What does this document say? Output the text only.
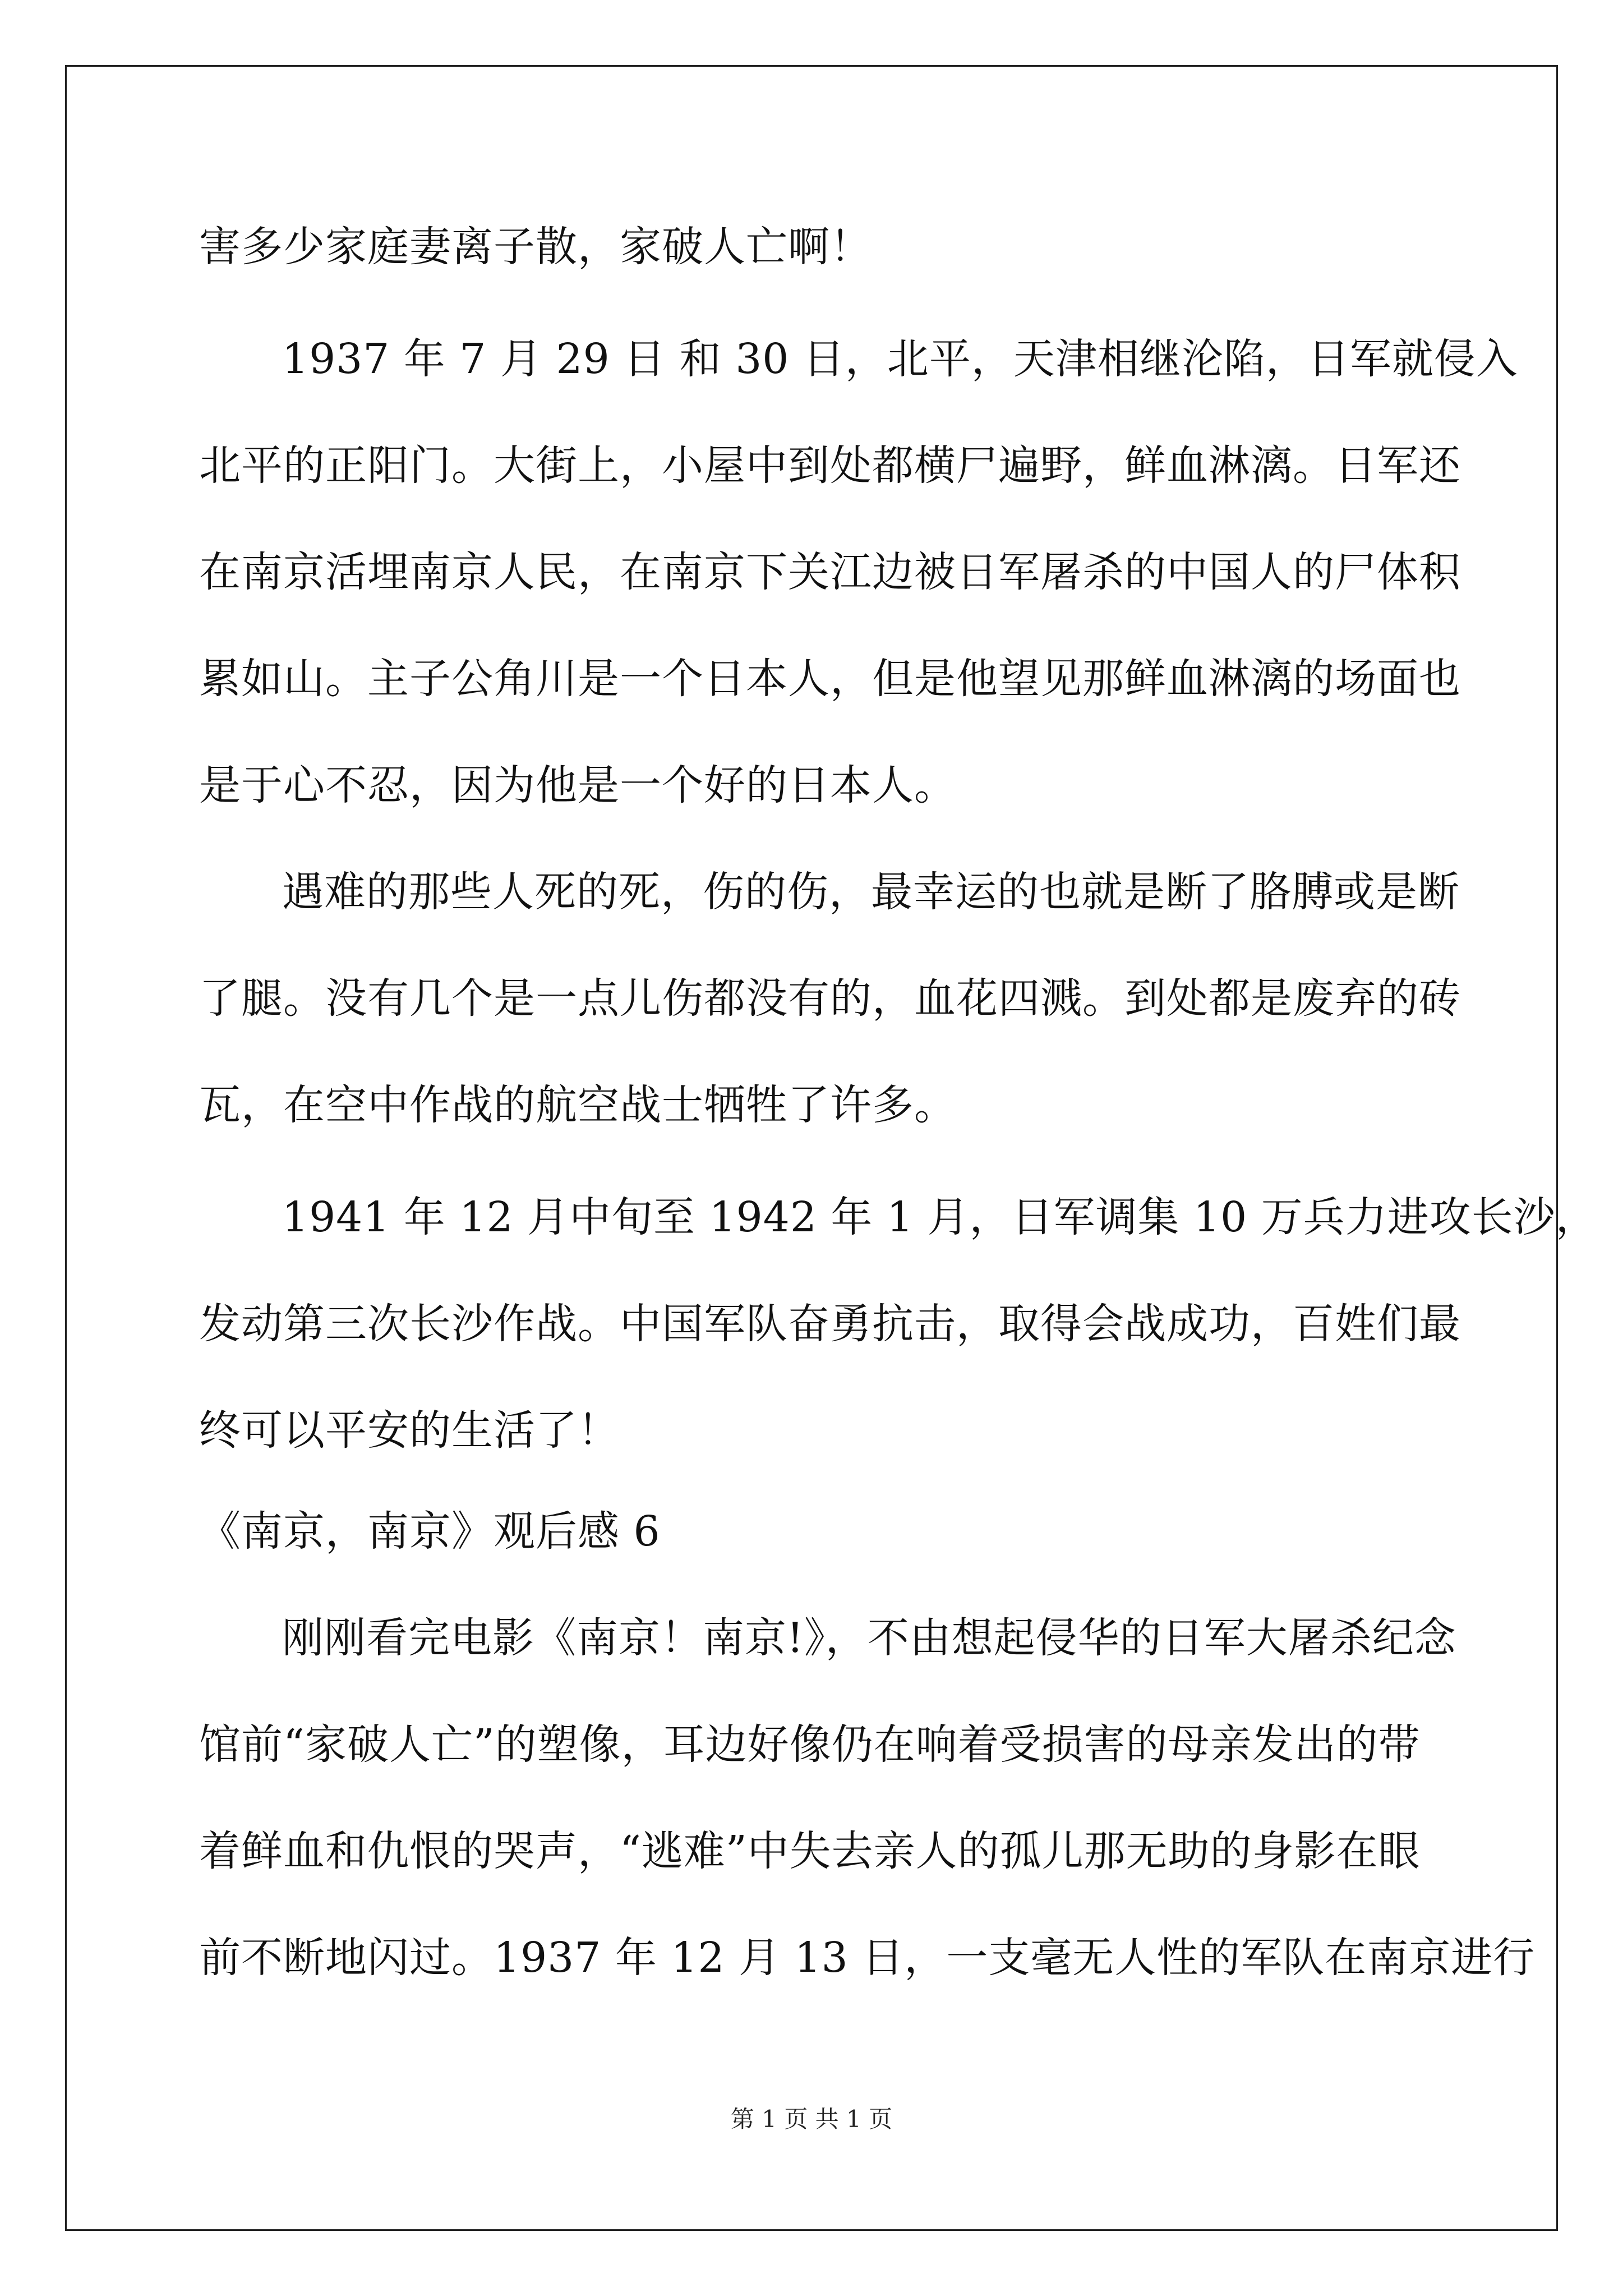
害多少家庭妻离子散，家破人亡啊！
1937 年 7 月 29 日 和 30 日，北平，天津相继沦陷，日军就侵入
北平的正阳门。大街上，小屋中到处都横尸遍野，鲜血淋漓。日军还
在南京活埋南京人民，在南京下关江边被日军屠杀的中国人的尸体积
累如山。主子公角川是一个日本人，但是他望见那鲜血淋漓的场面也
是于心不忍，因为他是一个好的日本人。
遇难的那些人死的死，伤的伤，最幸运的也就是断了胳膊或是断
了腿。没有几个是一点儿伤都没有的，血花四溅。到处都是废弃的砖
瓦，在空中作战的航空战士牺牲了许多。
1941 年 12 月中旬至 1942 年 1 月，日军调集 10 万兵力进攻长沙，
发动第三次长沙作战。中国军队奋勇抗击，取得会战成功，百姓们最
终可以平安的生活了！
《南京，南京》观后感 6
刚刚看完电影《南京！南京!》，不由想起侵华的日军大屠杀纪念
馆前“家破人亡”的塑像，耳边好像仍在响着受损害的母亲发出的带
着鲜血和仇恨的哭声，“逃难”中失去亲人的孤儿那无助的身影在眼
前不断地闪过。1937 年 12 月 13 日，一支毫无人性的军队在南京进行
第 1 页 共 1 页
